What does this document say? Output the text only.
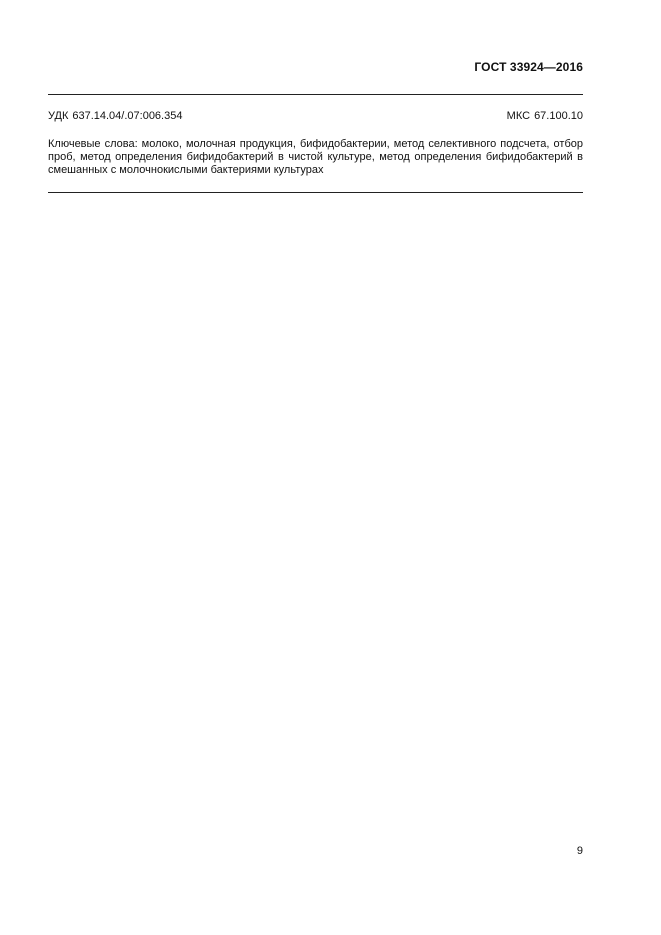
ГОСТ 33924—2016
УДК 637.14.04/.07:006.354	МКС 67.100.10
Ключевые слова: молоко, молочная продукция, бифидобактерии, метод селективного подсчета, отбор проб, метод определения бифидобактерий в чистой культуре, метод определения бифидобактерий в смешанных с молочнокислыми бактериями культурах
9
